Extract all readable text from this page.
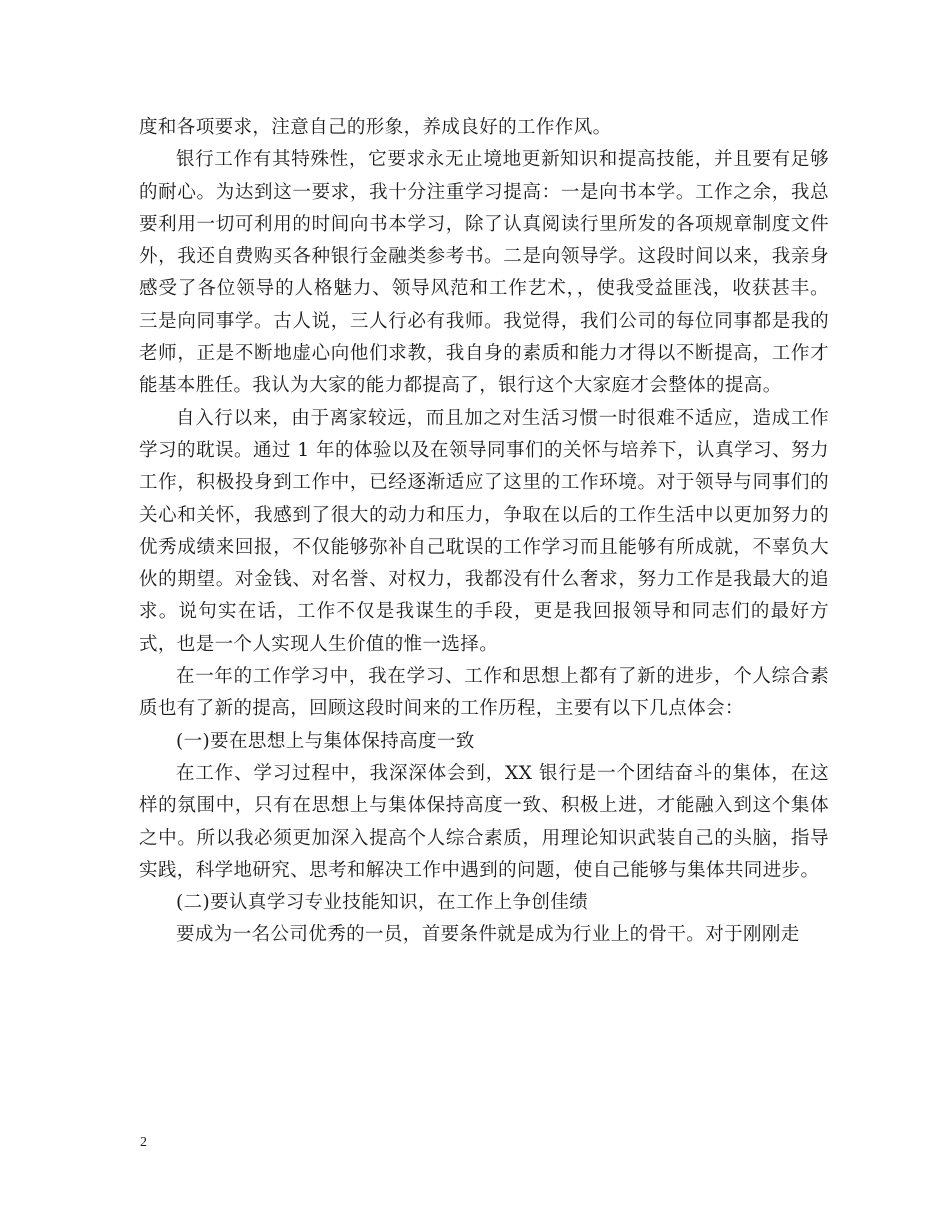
度和各项要求，注意自己的形象，养成良好的工作作风。

银行工作有其特殊性，它要求永无止境地更新知识和提高技能，并且要有足够的耐心。为达到这一要求，我十分注重学习提高：一是向书本学。工作之余，我总要利用一切可利用的时间向书本学习，除了认真阅读行里所发的各项规章制度文件外，我还自费购买各种银行金融类参考书。二是向领导学。这段时间以来，我亲身感受了各位领导的人格魅力、领导风范和工作艺术，，使我受益匪浅，收获甚丰。三是向同事学。古人说，三人行必有我师。我觉得，我们公司的每位同事都是我的老师，正是不断地虚心向他们求教，我自身的素质和能力才得以不断提高，工作才能基本胜任。我认为大家的能力都提高了，银行这个大家庭才会整体的提高。

自入行以来，由于离家较远，而且加之对生活习惯一时很难不适应，造成工作学习的耽误。通过 1 年的体验以及在领导同事们的关怀与培养下，认真学习、努力工作，积极投身到工作中，已经逐渐适应了这里的工作环境。对于领导与同事们的关心和关怀，我感到了很大的动力和压力，争取在以后的工作生活中以更加努力的优秀成绩来回报，不仅能够弥补自己耽误的工作学习而且能够有所成就，不辜负大伙的期望。对金钱、对名誉、对权力，我都没有什么奢求，努力工作是我最大的追求。说句实在话，工作不仅是我谋生的手段，更是我回报领导和同志们的最好方式，也是一个人实现人生价值的惟一选择。

在一年的工作学习中，我在学习、工作和思想上都有了新的进步，个人综合素质也有了新的提高，回顾这段时间来的工作历程，主要有以下几点体会：

(一)要在思想上与集体保持高度一致

在工作、学习过程中，我深深体会到，XX 银行是一个团结奋斗的集体，在这样的氛围中，只有在思想上与集体保持高度一致、积极上进，才能融入到这个集体之中。所以我必须更加深入提高个人综合素质，用理论知识武装自己的头脑，指导实践，科学地研究、思考和解决工作中遇到的问题，使自己能够与集体共同进步。

(二)要认真学习专业技能知识，在工作上争创佳绩

要成为一名公司优秀的一员，首要条件就是成为行业上的骨干。对于刚刚走

2
